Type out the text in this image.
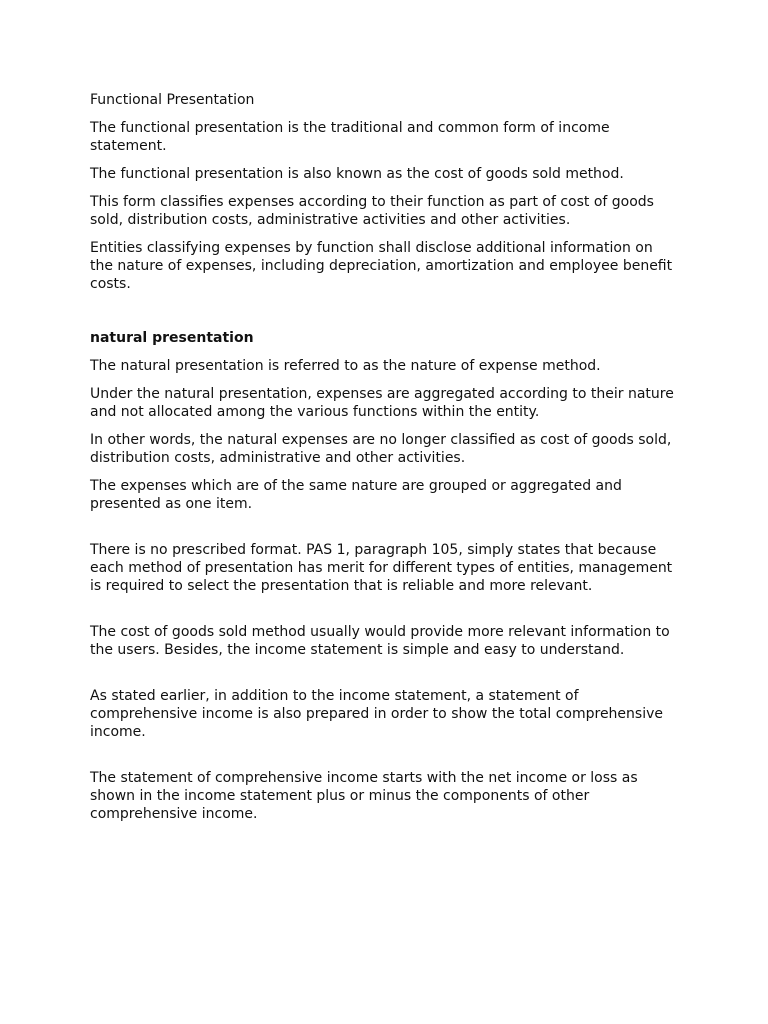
Functional Presentation

The functional presentation is the traditional and common form of income statement.

The functional presentation is also known as the cost of goods sold method.

This form classifies expenses according to their function as part of cost of goods sold, distribution costs, administrative activities and other activities.

Entities classifying expenses by function shall disclose additional information on the nature of expenses, including depreciation, amortization and employee benefit costs.

natural presentation

The natural presentation is referred to as the nature of expense method.

Under the natural presentation, expenses are aggregated according to their nature and not allocated among the various functions within the entity.

In other words, the natural expenses are no longer classified as cost of goods sold, distribution costs, administrative and other activities.

The expenses which are of the same nature are grouped or aggregated and presented as one item.

There is no prescribed format. PAS 1, paragraph 105, simply states that because each method of presentation has merit for different types of entities, management is required to select the presentation that is reliable and more relevant.

The cost of goods sold method usually would provide more relevant information to the users. Besides, the income statement is simple and easy to understand.

As stated earlier, in addition to the income statement, a statement of comprehensive income is also prepared in order to show the total comprehensive income.

The statement of comprehensive income starts with the net income or loss as shown in the income statement plus or minus the components of other comprehensive income.
